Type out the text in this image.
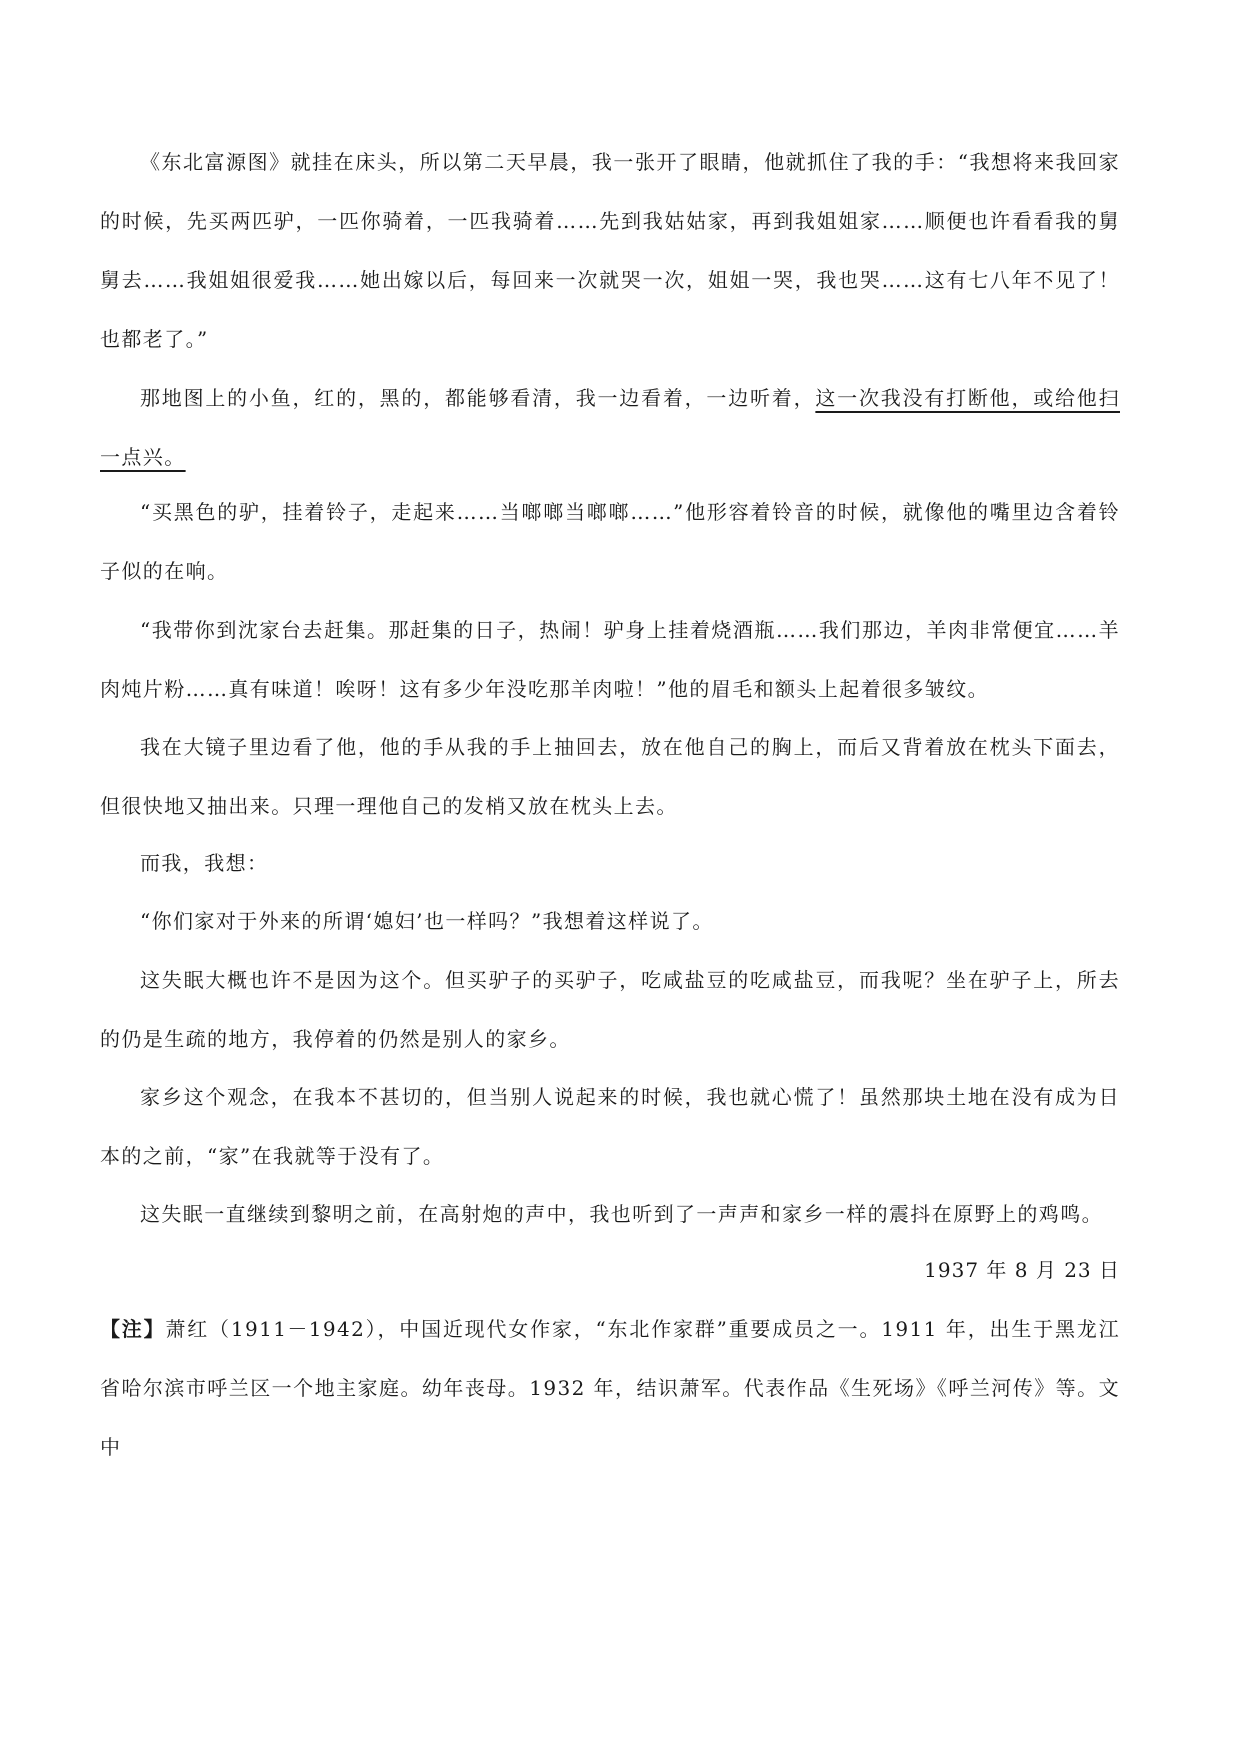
《东北富源图》就挂在床头，所以第二天早晨，我一张开了眼睛，他就抓住了我的手：“我想将来我回家的时候，先买两匹驴，一匹你骑着，一匹我骑着……先到我姑姑家，再到我姐姐家……顺便也许看看我的舅舅去……我姐姐很爱我……她出嫁以后，每回来一次就哭一次，姐姐一哭，我也哭……这有七八年不见了！也都老了。”

那地图上的小鱼，红的，黑的，都能够看清，我一边看着，一边听着，这一次我没有打断他，或给他扫一点兴。

“买黑色的驴，挂着铃子，走起来……当啷啷当啷啷……”他形容着铃音的时候，就像他的嘴里边含着铃子似的在响。

“我带你到沈家台去赶集。那赶集的日子，热闹！驴身上挂着烧酒瓶……我们那边，羊肉非常便宜……羊肉炖片粉……真有味道！唉呀！这有多少年没吃那羊肉啦！”他的眉毛和额头上起着很多皱纹。

我在大镜子里边看了他，他的手从我的手上抽回去，放在他自己的胸上，而后又背着放在枕头下面去，但很快地又抽出来。只理一理他自己的发梢又放在枕头上去。

而我，我想：

“你们家对于外来的所谓‘媳妇’也一样吗？”我想着这样说了。

这失眠大概也许不是因为这个。但买驴子的买驴子，吃咸盐豆的吃咸盐豆，而我呢？坐在驴子上，所去的仍是生疏的地方，我停着的仍然是别人的家乡。

家乡这个观念，在我本不甚切的，但当别人说起来的时候，我也就心慌了！虽然那块土地在没有成为日本的之前，“家”在我就等于没有了。

这失眠一直继续到黎明之前，在高射炮的声中，我也听到了一声声和家乡一样的震抖在原野上的鸡鸣。

1937 年 8 月 23 日

【注】萧红（1911－1942），中国近现代女作家，“东北作家群”重要成员之一。1911 年，出生于黑龙江省哈尔滨市呼兰区一个地主家庭。幼年丧母。1932 年，结识萧军。代表作品《生死场》《呼兰河传》等。文中
